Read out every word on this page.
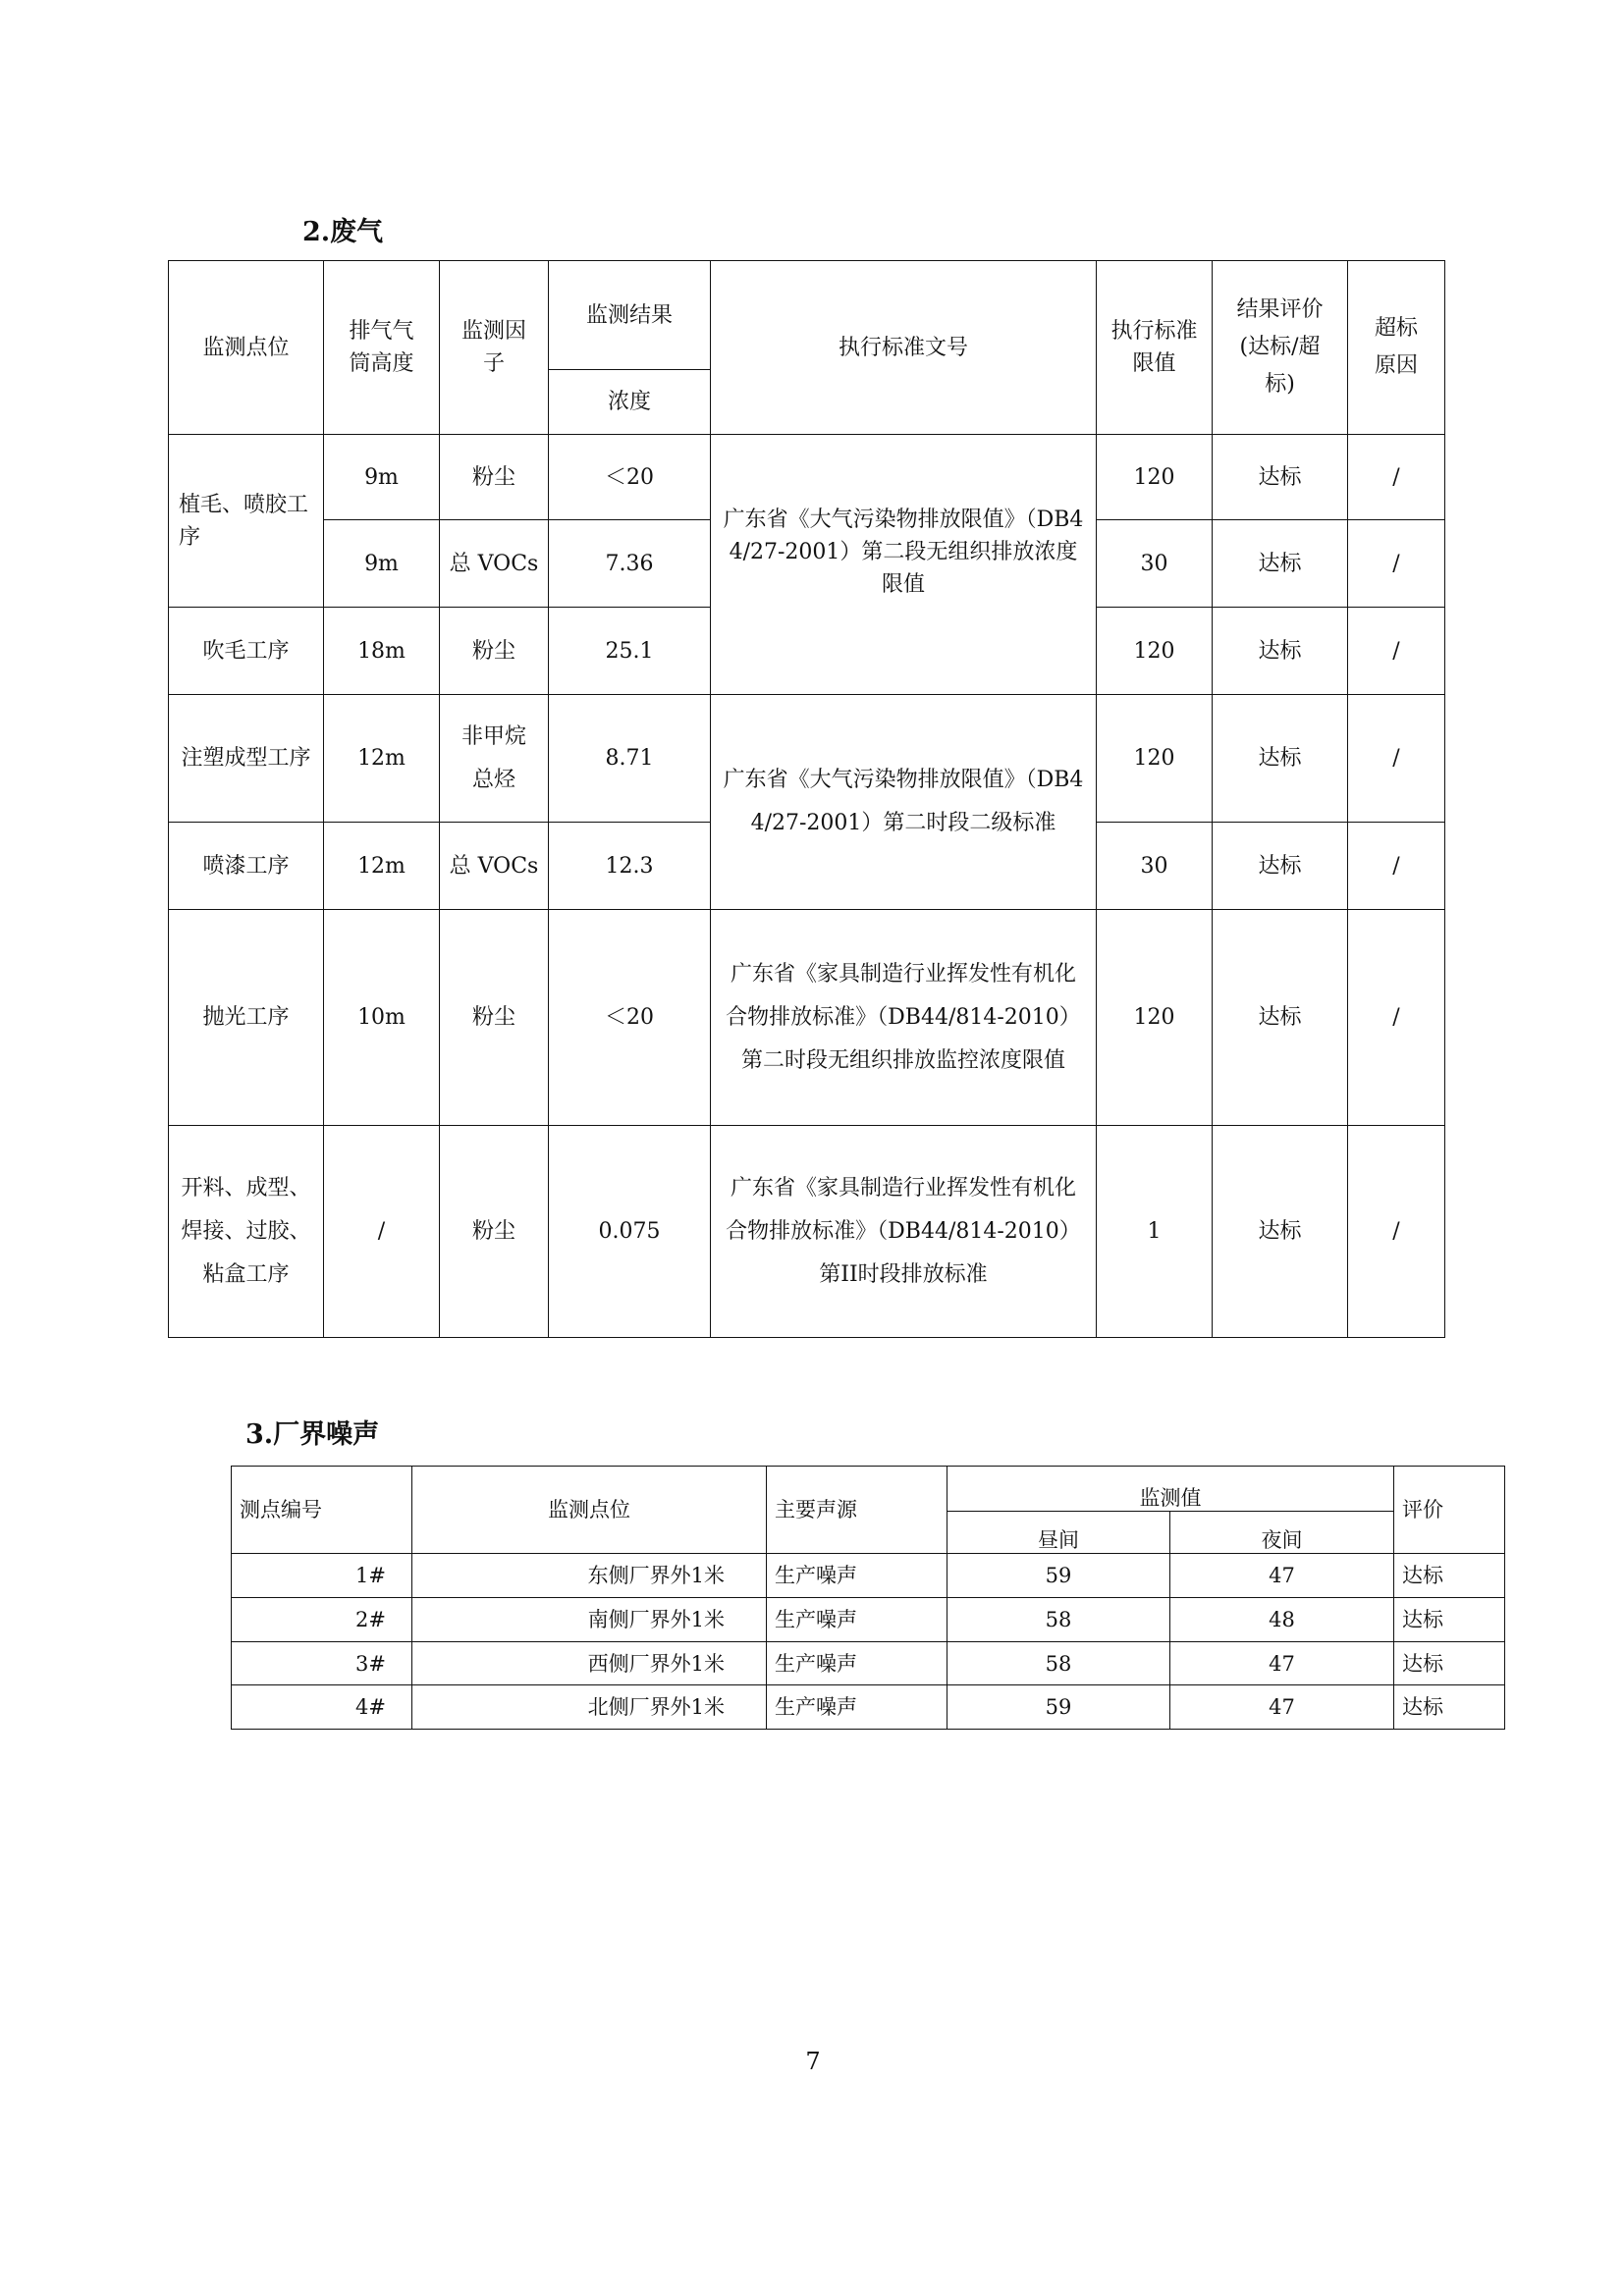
2.废气
监测点位	排气气筒高度	监测因子	监测结果	执行标准文号	执行标准限值	结果评价(达标/超标)	超标原因
			浓度				
植毛、喷胶工序	9m	粉尘	＜20	广东省《大气污染物排放限值》（DB44/27-2001）第二段无组织排放浓度限值	120	达标	/
	9m	总 VOCs	7.36		30	达标	/
吹毛工序	18m	粉尘	25.1		120	达标	/
注塑成型工序	12m	非甲烷总烃	8.71	广东省《大气污染物排放限值》（DB44/27-2001）第二时段二级标准	120	达标	/
喷漆工序	12m	总 VOCs	12.3		30	达标	/
抛光工序	10m	粉尘	＜20	广东省《家具制造行业挥发性有机化合物排放标准》（DB44/814-2010）第二时段无组织排放监控浓度限值	120	达标	/
开料、成型、焊接、过胶、粘盒工序	/	粉尘	0.075	广东省《家具制造行业挥发性有机化合物排放标准》（DB44/814-2010）第II时段排放标准	1	达标	/
3.厂界噪声
测点编号	监测点位	主要声源	监测值		评价
			昼间	夜间	
1#	东侧厂界外1米	生产噪声	59	47	达标
2#	南侧厂界外1米	生产噪声	58	48	达标
3#	西侧厂界外1米	生产噪声	58	47	达标
4#	北侧厂界外1米	生产噪声	59	47	达标
7
